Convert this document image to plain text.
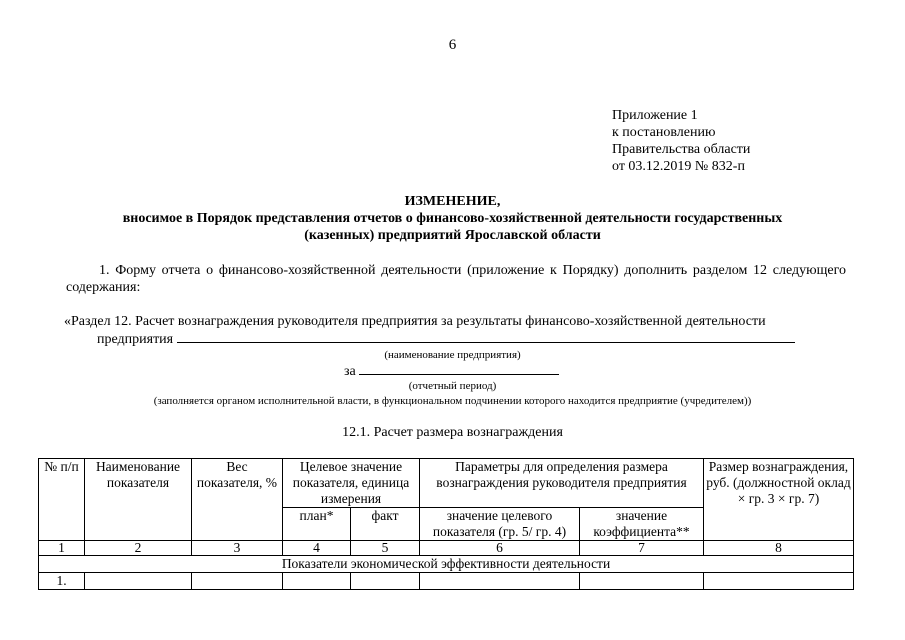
6
Приложение 1
к постановлению
Правительства области
от 03.12.2019 № 832-п
ИЗМЕНЕНИЕ,
вносимое в Порядок представления отчетов о финансово-хозяйственной деятельности государственных
(казенных) предприятий Ярославской области
1. Форму отчета о финансово-хозяйственной деятельности (приложение к Порядку) дополнить разделом 12 следующего содержания:
«Раздел 12. Расчет вознаграждения руководителя предприятия за результаты финансово-хозяйственной деятельности
предприятия
(наименование предприятия)
за
(отчетный период)
(заполняется органом исполнительной власти, в функциональном подчинении которого находится предприятие (учредителем))
12.1. Расчет размера вознаграждения
№ п/п	Наименование показателя	Вес показателя, %	Целевое значение показателя, единица измерения		Параметры для определения размера вознаграждения руководителя предприятия		Размер вознаграждения, руб. (должностной оклад × гр. 3 × гр. 7)
			план*	факт	значение целевого показателя (гр. 5/ гр. 4)	значение коэффициента**	

1	2	3	4	5	6	7	8
Показатели экономической эффективности деятельности							
1.							
